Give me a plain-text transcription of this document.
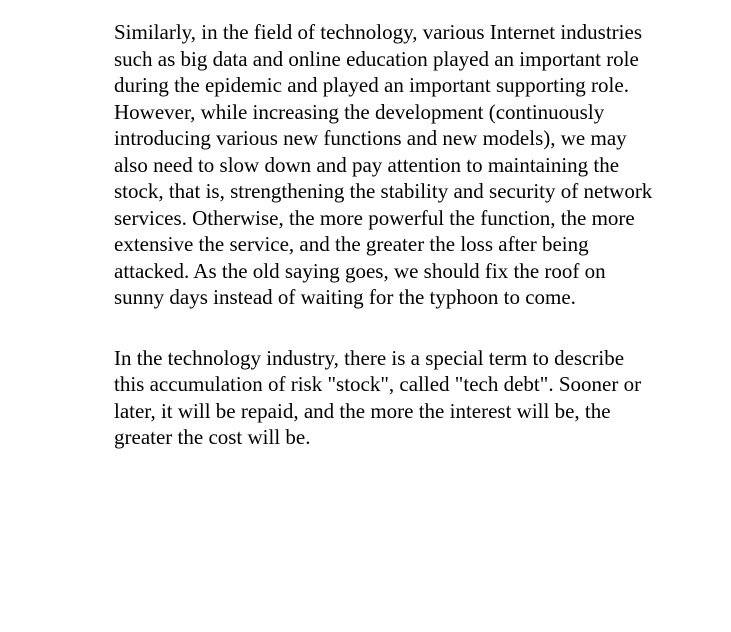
Similarly, in the field of technology, various Internet industries such as big data and online education played an important role during the epidemic and played an important supporting role. However, while increasing the development (continuously introducing various new functions and new models), we may also need to slow down and pay attention to maintaining the stock, that is, strengthening the stability and security of network services. Otherwise, the more powerful the function, the more extensive the service, and the greater the loss after being attacked. As the old saying goes, we should fix the roof on sunny days instead of waiting for the typhoon to come.

In the technology industry, there is a special term to describe this accumulation of risk "stock", called "tech debt". Sooner or later, it will be repaid, and the more the interest will be, the greater the cost will be.
